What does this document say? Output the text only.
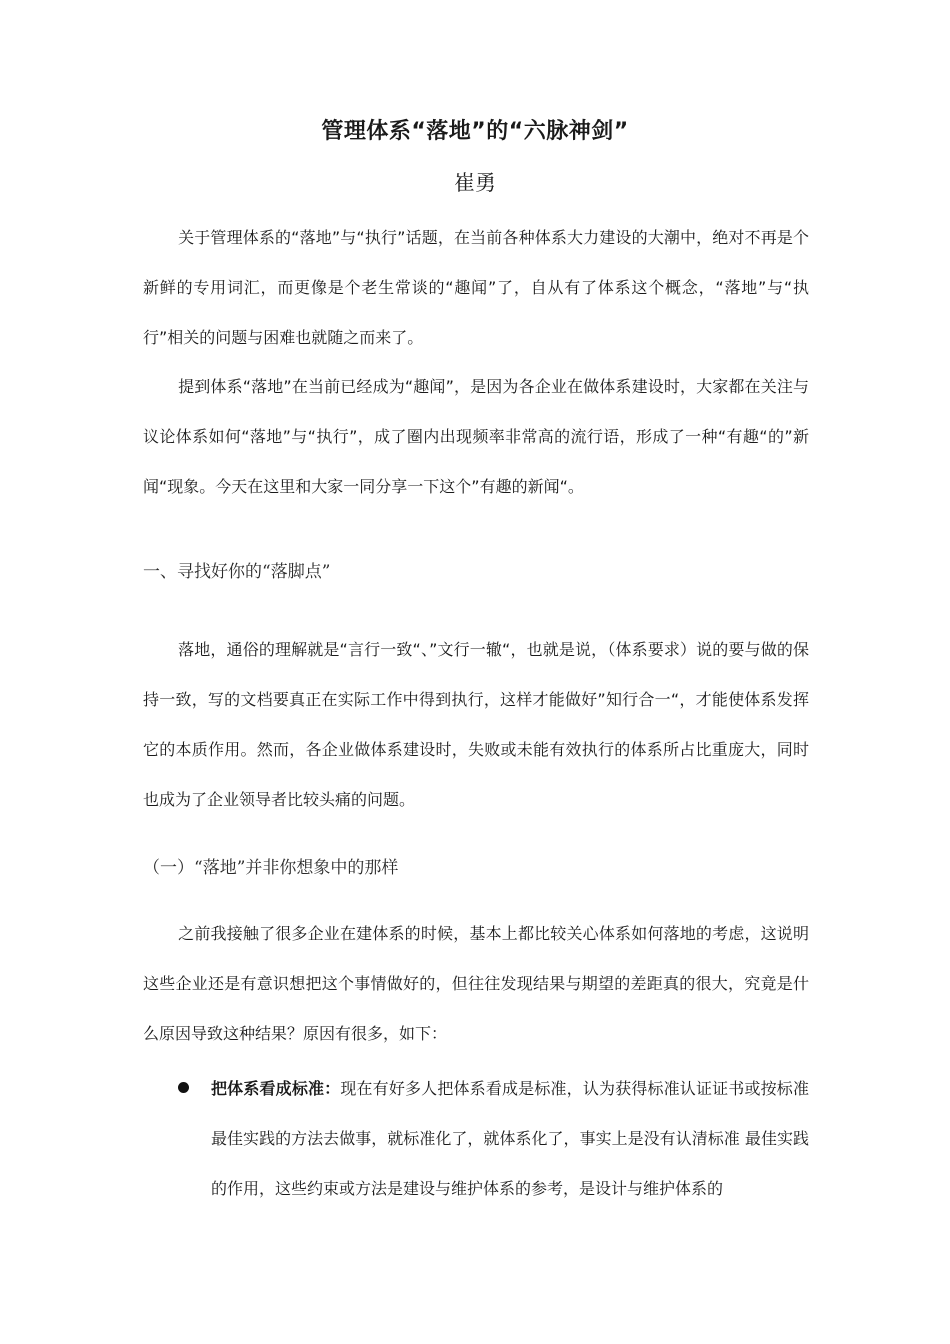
管理体系“落地”的“六脉神剑”
崔勇

关于管理体系的“落地”与“执行”话题，在当前各种体系大力建设的大潮中，绝对不再是个新鲜的专用词汇，而更像是个老生常谈的“趣闻”了，自从有了体系这个概念，“落地”与“执行”相关的问题与困难也就随之而来了。

提到体系“落地”在当前已经成为“趣闻”，是因为各企业在做体系建设时，大家都在关注与议论体系如何“落地”与“执行”，成了圈内出现频率非常高的流行语，形成了一种“有趣“的”新闻“现象。今天在这里和大家一同分享一下这个”有趣的新闻“。

一、寻找好你的“落脚点”

落地，通俗的理解就是“言行一致“、”文行一辙“，也就是说，（体系要求）说的要与做的保持一致，写的文档要真正在实际工作中得到执行，这样才能做好”知行合一“，才能使体系发挥它的本质作用。然而，各企业做体系建设时，失败或未能有效执行的体系所占比重庞大，同时也成为了企业领导者比较头痛的问题。

（一）“落地”并非你想象中的那样

之前我接触了很多企业在建体系的时候，基本上都比较关心体系如何落地的考虑，这说明这些企业还是有意识想把这个事情做好的，但往往发现结果与期望的差距真的很大，究竟是什么原因导致这种结果？原因有很多，如下：

把体系看成标准：现在有好多人把体系看成是标准，认为获得标准认证证书或按标准 最佳实践的方法去做事，就标准化了，就体系化了，事实上是没有认清标准 最佳实践的作用，这些约束或方法是建设与维护体系的参考，是设计与维护体系的
